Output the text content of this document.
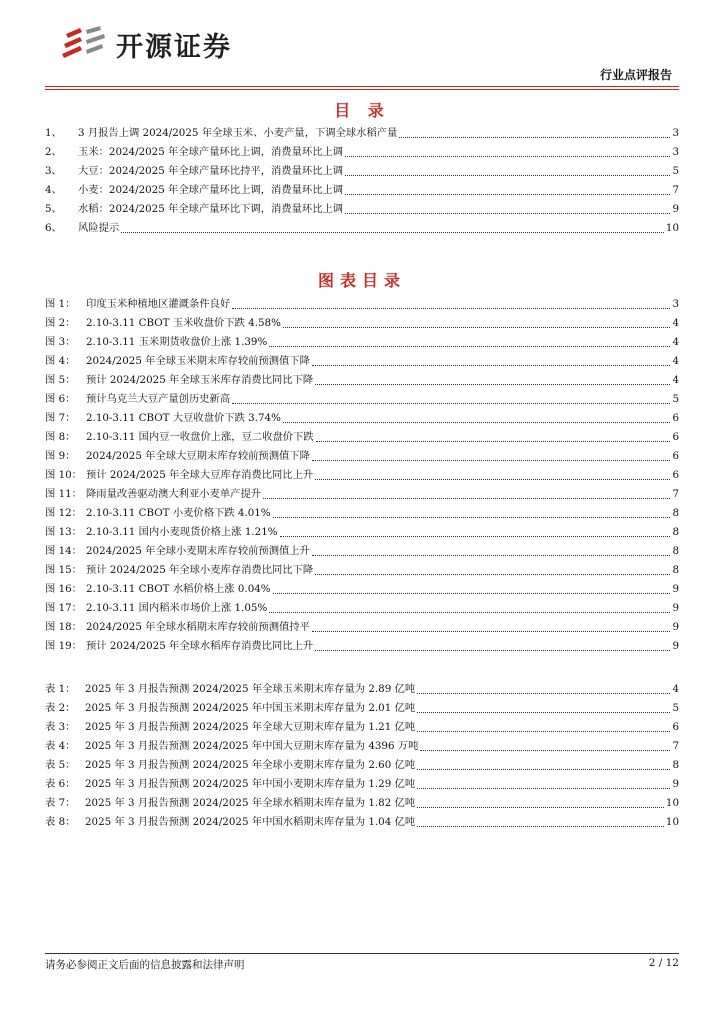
开源证券
行业点评报告
目 录
1、	3 月报告上调 2024/2025 年全球玉米、小麦产量，下调全球水稻产量	3
2、	玉米：2024/2025 年全球产量环比上调，消费量环比上调	3
3、	大豆：2024/2025 年全球产量环比持平，消费量环比上调	5
4、	小麦：2024/2025 年全球产量环比上调，消费量环比上调	7
5、	水稻：2024/2025 年全球产量环比下调，消费量环比上调	9
6、	风险提示	10
图表目录
图 1：	印度玉米种植地区灌溉条件良好	3
图 2：	2.10-3.11 CBOT 玉米收盘价下跌 4.58%	4
图 3：	2.10-3.11 玉米期货收盘价上涨 1.39%	4
图 4：	2024/2025 年全球玉米期末库存较前预测值下降	4
图 5：	预计 2024/2025 年全球玉米库存消费比同比下降	4
图 6：	预计乌克兰大豆产量创历史新高	5
图 7：	2.10-3.11 CBOT 大豆收盘价下跌 3.74%	6
图 8：	2.10-3.11 国内豆一收盘价上涨，豆二收盘价下跌	6
图 9：	2024/2025 年全球大豆期末库存较前预测值下降	6
图 10： 预计 2024/2025 年全球大豆库存消费比同比上升	6
图 11： 降雨量改善驱动澳大利亚小麦单产提升	7
图 12： 2.10-3.11 CBOT 小麦价格下跌 4.01%	8
图 13： 2.10-3.11 国内小麦现货价格上涨 1.21%	8
图 14： 2024/2025 年全球小麦期末库存较前预测值上升	8
图 15： 预计 2024/2025 年全球小麦库存消费比同比下降	8
图 16： 2.10-3.11 CBOT 水稻价格上涨 0.04%	9
图 17： 2.10-3.11 国内稻米市场价上涨 1.05%	9
图 18： 2024/2025 年全球水稻期末库存较前预测值持平	9
图 19： 预计 2024/2025 年全球水稻库存消费比同比上升	9
表 1： 2025 年 3 月报告预测 2024/2025 年全球玉米期末库存量为 2.89 亿吨	4
表 2： 2025 年 3 月报告预测 2024/2025 年中国玉米期末库存量为 2.01 亿吨	5
表 3： 2025 年 3 月报告预测 2024/2025 年全球大豆期末库存量为 1.21 亿吨	6
表 4： 2025 年 3 月报告预测 2024/2025 年中国大豆期末库存量为 4396 万吨	7
表 5： 2025 年 3 月报告预测 2024/2025 年全球小麦期末库存量为 2.60 亿吨	8
表 6： 2025 年 3 月报告预测 2024/2025 年中国小麦期末库存量为 1.29 亿吨	9
表 7： 2025 年 3 月报告预测 2024/2025 年全球水稻期末库存量为 1.82 亿吨	10
表 8： 2025 年 3 月报告预测 2024/2025 年中国水稻期末库存量为 1.04 亿吨	10
请务必参阅正文后面的信息披露和法律声明	2 / 12
